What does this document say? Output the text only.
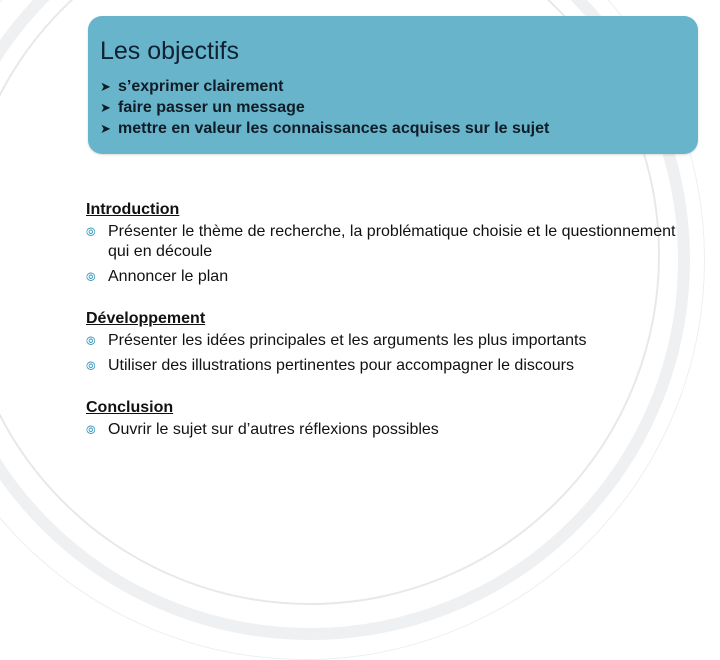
Les objectifs
➤ s’exprimer clairement
➤ faire passer un message
➤ mettre en valeur les connaissances acquises sur le sujet
Introduction
⦾ Présenter le thème de recherche, la problématique choisie et le questionnement qui en découle
⦾ Annoncer le plan
Développement
⦾ Présenter les idées principales et les arguments les plus importants
⦾ Utiliser des illustrations pertinentes pour accompagner le discours
Conclusion
⦾ Ouvrir le sujet sur d’autres réflexions possibles
